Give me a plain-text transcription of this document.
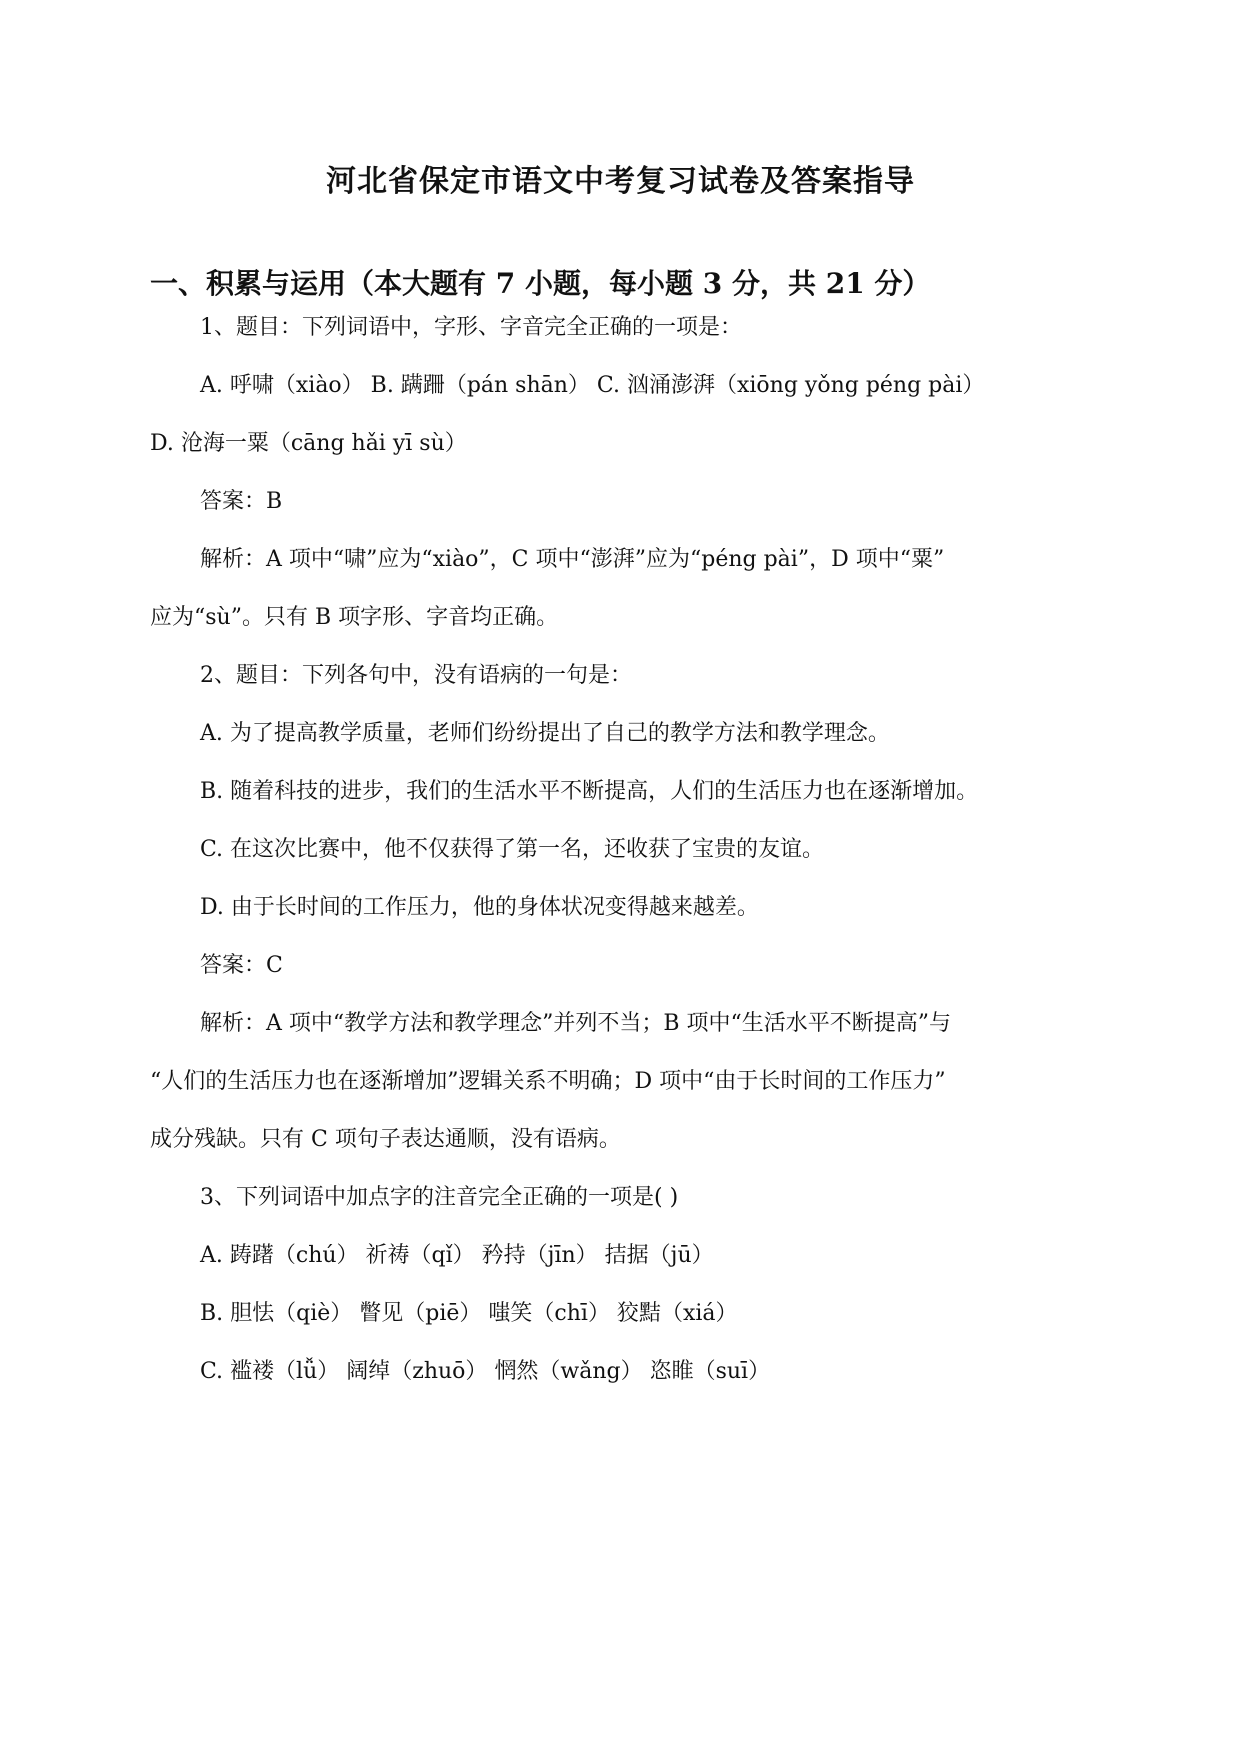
河北省保定市语文中考复习试卷及答案指导
一、积累与运用（本大题有 7 小题，每小题 3 分，共 21 分）
1、题目：下列词语中，字形、字音完全正确的一项是：
A. 呼啸（xiào） B. 蹒跚（pán shān） C. 汹涌澎湃（xiōng yǒng péng pài）
D. 沧海一粟（cāng hǎi yī sù）
答案：B
解析：A 项中“啸”应为“xiào”，C 项中“澎湃”应为“péng pài”，D 项中“粟”
应为“sù”。只有 B 项字形、字音均正确。
2、题目：下列各句中，没有语病的一句是：
A. 为了提高教学质量，老师们纷纷提出了自己的教学方法和教学理念。
B. 随着科技的进步，我们的生活水平不断提高，人们的生活压力也在逐渐增加。
C. 在这次比赛中，他不仅获得了第一名，还收获了宝贵的友谊。
D. 由于长时间的工作压力，他的身体状况变得越来越差。
答案：C
解析：A 项中“教学方法和教学理念”并列不当；B 项中“生活水平不断提高”与
“人们的生活压力也在逐渐增加”逻辑关系不明确；D 项中“由于长时间的工作压力”
成分残缺。只有 C 项句子表达通顺，没有语病。
3、下列词语中加点字的注音完全正确的一项是( )
A. 踌躇（chú） 祈祷（qǐ） 矜持（jīn） 拮据（jū）
B. 胆怯（qiè） 瞥见（piē） 嗤笑（chī） 狡黠（xiá）
C. 褴褛（lǚ） 阔绰（zhuō） 惘然（wǎng） 恣睢（suī）
